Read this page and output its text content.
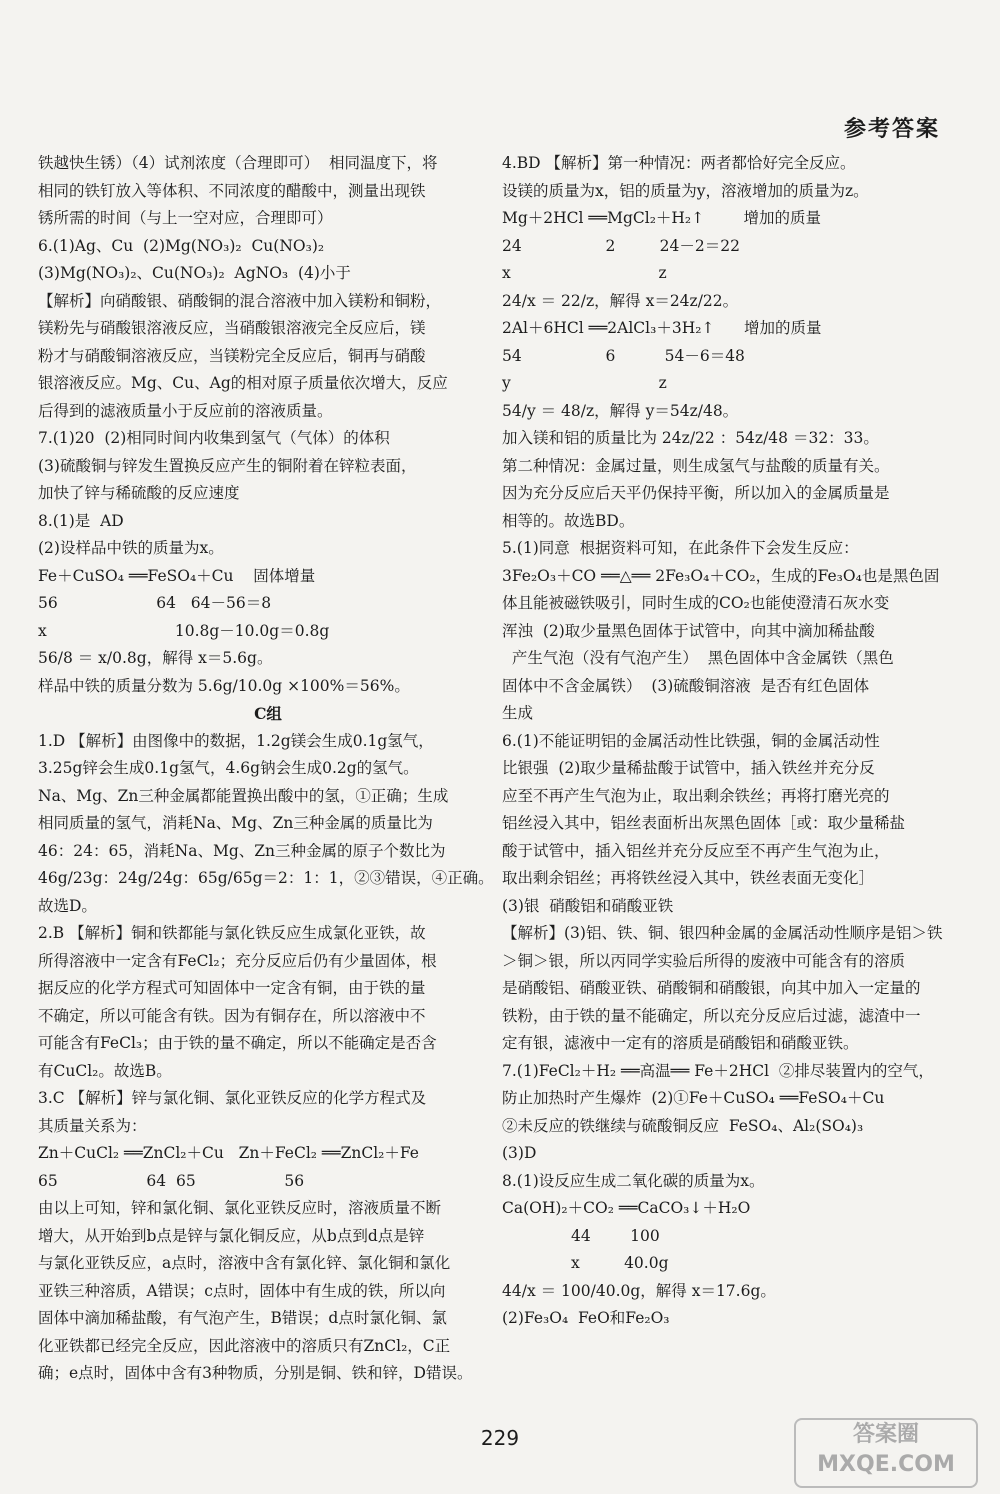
参考答案

铁越快生锈）（4）试剂浓度（合理即可）  相同温度下，将

相同的铁钉放入等体积、不同浓度的醋酸中，测量出现铁

锈所需的时间（与上一空对应，合理即可）

6.(1)Ag、Cu  (2)Mg(NO₃)₂  Cu(NO₃)₂

(3)Mg(NO₃)₂、Cu(NO₃)₂  AgNO₃  (4)小于

【解析】向硝酸银、硝酸铜的混合溶液中加入镁粉和铜粉，

镁粉先与硝酸银溶液反应，当硝酸银溶液完全反应后，镁

粉才与硝酸铜溶液反应，当镁粉完全反应后，铜再与硝酸

银溶液反应。Mg、Cu、Ag的相对原子质量依次增大，反应

后得到的滤液质量小于反应前的溶液质量。

7.(1)20  (2)相同时间内收集到氢气（气体）的体积

(3)硫酸铜与锌发生置换反应产生的铜附着在锌粒表面，

加快了锌与稀硫酸的反应速度

8.(1)是  AD

(2)设样品中铁的质量为x。

Fe＋CuSO₄ ══FeSO₄＋Cu    固体增量

56                    64   64－56＝8

x                          10.8g－10.0g＝0.8g

56/8 ＝ x/0.8g，解得 x＝5.6g。

样品中铁的质量分数为 5.6g/10.0g ×100%＝56%。

C组

1.D 【解析】由图像中的数据，1.2g镁会生成0.1g氢气，

3.25g锌会生成0.1g氢气，4.6g钠会生成0.2g的氢气。

Na、Mg、Zn三种金属都能置换出酸中的氢，①正确；生成

相同质量的氢气，消耗Na、Mg、Zn三种金属的质量比为

46：24：65，消耗Na、Mg、Zn三种金属的原子个数比为

46g/23g：24g/24g：65g/65g＝2：1：1，②③错误，④正确。故选D。

2.B 【解析】铜和铁都能与氯化铁反应生成氯化亚铁，故

所得溶液中一定含有FeCl₂；充分反应后仍有少量固体，根

据反应的化学方程式可知固体中一定含有铜，由于铁的量

不确定，所以可能含有铁。因为有铜存在，所以溶液中不

可能含有FeCl₃；由于铁的量不确定，所以不能确定是否含

有CuCl₂。故选B。

3.C 【解析】锌与氯化铜、氯化亚铁反应的化学方程式及

其质量关系为：

Zn＋CuCl₂ ══ZnCl₂＋Cu   Zn＋FeCl₂ ══ZnCl₂＋Fe

65                  64  65                  56

由以上可知，锌和氯化铜、氯化亚铁反应时，溶液质量不断

增大，从开始到b点是锌与氯化铜反应，从b点到d点是锌

与氯化亚铁反应，a点时，溶液中含有氯化锌、氯化铜和氯化

亚铁三种溶质，A错误；c点时，固体中有生成的铁，所以向

固体中滴加稀盐酸，有气泡产生，B错误；d点时氯化铜、氯

化亚铁都已经完全反应，因此溶液中的溶质只有ZnCl₂，C正

确；e点时，固体中含有3种物质，分别是铜、铁和锌，D错误。

4.BD 【解析】第一种情况：两者都恰好完全反应。

设镁的质量为x，铝的质量为y，溶液增加的质量为z。

Mg＋2HCl ══MgCl₂＋H₂↑        增加的质量

24                 2         24－2＝22

x                              z

24/x ＝ 22/z，解得 x＝24z/22。

2Al＋6HCl ══2AlCl₃＋3H₂↑      增加的质量

54                 6          54－6＝48

y                              z

54/y ＝ 48/z，解得 y＝54z/48。

加入镁和铝的质量比为 24z/22 ：54z/48 ＝32：33。

第二种情况：金属过量，则生成氢气与盐酸的质量有关。

因为充分反应后天平仍保持平衡，所以加入的金属质量是

相等的。故选BD。

5.(1)同意  根据资料可知，在此条件下会发生反应：

3Fe₂O₃＋CO ══△══ 2Fe₃O₄＋CO₂，生成的Fe₃O₄也是黑色固

体且能被磁铁吸引，同时生成的CO₂也能使澄清石灰水变

浑浊  (2)取少量黑色固体于试管中，向其中滴加稀盐酸

产生气泡（没有气泡产生）  黑色固体中含金属铁（黑色

固体中不含金属铁）  (3)硫酸铜溶液  是否有红色固体

生成

6.(1)不能证明铝的金属活动性比铁强，铜的金属活动性

比银强  (2)取少量稀盐酸于试管中，插入铁丝并充分反

应至不再产生气泡为止，取出剩余铁丝；再将打磨光亮的

铝丝浸入其中，铝丝表面析出灰黑色固体［或：取少量稀盐

酸于试管中，插入铝丝并充分反应至不再产生气泡为止，

取出剩余铝丝；再将铁丝浸入其中，铁丝表面无变化］

(3)银  硝酸铝和硝酸亚铁

【解析】(3)铝、铁、铜、银四种金属的金属活动性顺序是铝＞铁

＞铜＞银，所以丙同学实验后所得的废液中可能含有的溶质

是硝酸铝、硝酸亚铁、硝酸铜和硝酸银，向其中加入一定量的

铁粉，由于铁的量不能确定，所以充分反应后过滤，滤渣中一

定有银，滤液中一定有的溶质是硝酸铝和硝酸亚铁。

7.(1)FeCl₂＋H₂ ══高温══ Fe＋2HCl  ②排尽装置内的空气，

防止加热时产生爆炸  (2)①Fe＋CuSO₄ ══FeSO₄＋Cu

②未反应的铁继续与硫酸铜反应  FeSO₄、Al₂(SO₄)₃

(3)D

8.(1)设反应生成二氧化碳的质量为x。

Ca(OH)₂＋CO₂ ══CaCO₃↓＋H₂O

44        100

x         40.0g

44/x ＝ 100/40.0g，解得 x＝17.6g。

(2)Fe₃O₄  FeO和Fe₂O₃

229	答案圈 MXQE.COM
